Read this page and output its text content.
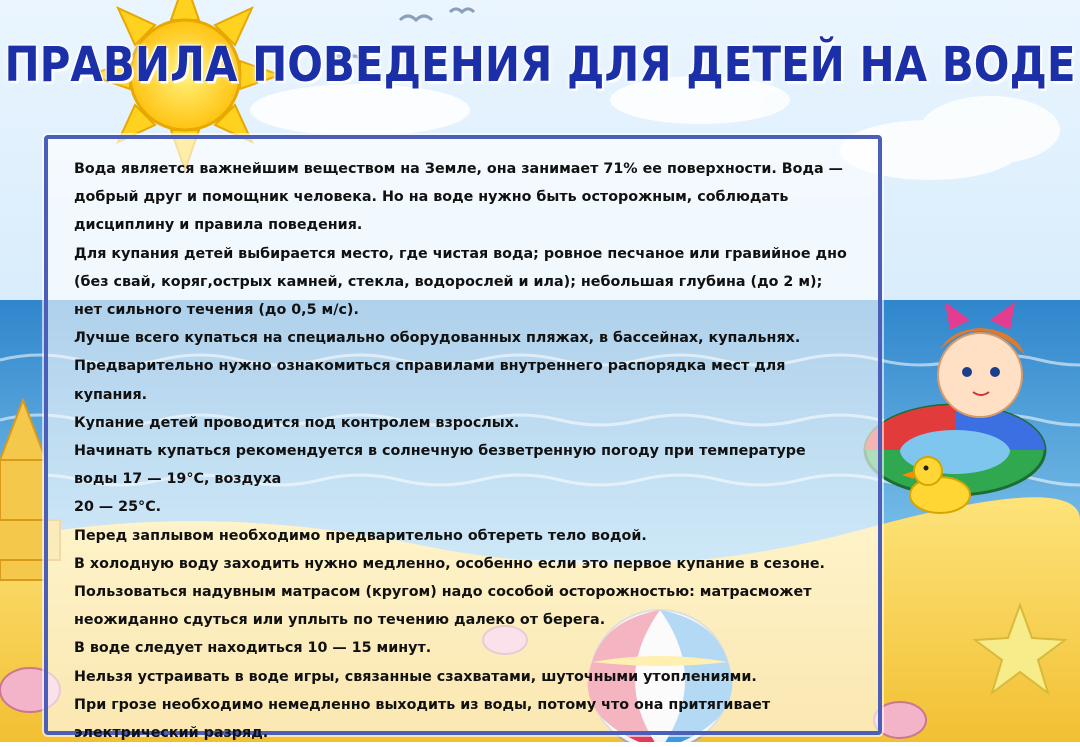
ПРАВИЛА ПОВЕДЕНИЯ ДЛЯ ДЕТЕЙ НА ВОДЕ

Вода является важнейшим веществом на Земле, она занимает 71% ее поверхности. Вода — добрый друг и помощник человека. Но на воде нужно быть осторожным, соблюдать дисциплину и правила поведения.

Для купания детей выбирается место, где чистая вода; ровное песчаное или гравийное дно (без свай, коряг,острых камней, стекла, водорослей и ила); небольшая глубина (до 2 м); нет сильного течения (до 0,5 м/с).

Лучше всего купаться на специально оборудованных пляжах, в бассейнах, купальнях. Предварительно нужно ознакомиться справилами внутреннего распорядка мест для купания.

Купание детей проводится под контролем взрослых.

Начинать купаться рекомендуется в солнечную безветренную погоду при температуре воды 17 — 19°С, воздуха

20 — 25°С.

Перед заплывом необходимо предварительно обтереть тело водой.

В холодную воду заходить нужно медленно, особенно если это первое купание в сезоне.

Пользоваться надувным матрасом (кругом) надо сособой осторожностью: матрасможет неожиданно сдуться или уплыть по течению далеко от берега.

В воде следует находиться 10 — 15 минут.

Нельзя устраивать в воде игры, связанные сзахватами, шуточными утоплениями.

При грозе необходимо немедленно выходить из воды, потому что она притягивает электрический разряд.
